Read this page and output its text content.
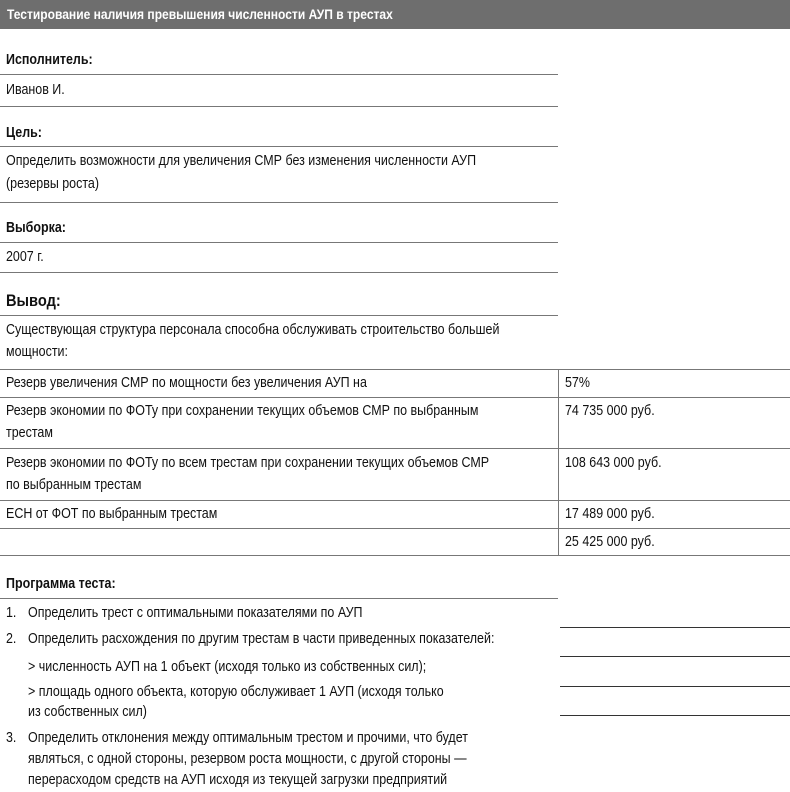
Тестирование наличия превышения численности АУП в трестах
Исполнитель:
Иванов И.
Цель:
Определить возможности для увеличения СМР без изменения численности АУП
(резервы роста)
Выборка:
2007 г.
Вывод:
Существующая структура персонала способна обслуживать строительство большей
мощности:
Резерв увеличения СМР по мощности без увеличения АУП на	57%
Резерв экономии по ФОТу при сохранении текущих объемов СМР по выбранным
трестам
74 735 000 руб.
Резерв экономии по ФОТу по всем трестам при сохранении текущих объемов СМР
по выбранным трестам
108 643 000 руб.
ЕСН от ФОТ по выбранным трестам	17 489 000 руб.
25 425 000 руб.
Программа теста:
1. Определить трест с оптимальными показателями по АУП
2. Определить расхождения по другим трестам в части приведенных показателей:
> численность АУП на 1 объект (исходя только из собственных сил);
> площадь одного объекта, которую обслуживает 1 АУП (исходя только
из собственных сил)
3. Определить отклонения между оптимальным трестом и прочими, что будет
являться, с одной стороны, резервом роста мощности, с другой стороны —
перерасходом средств на АУП исходя из текущей загрузки предприятий
